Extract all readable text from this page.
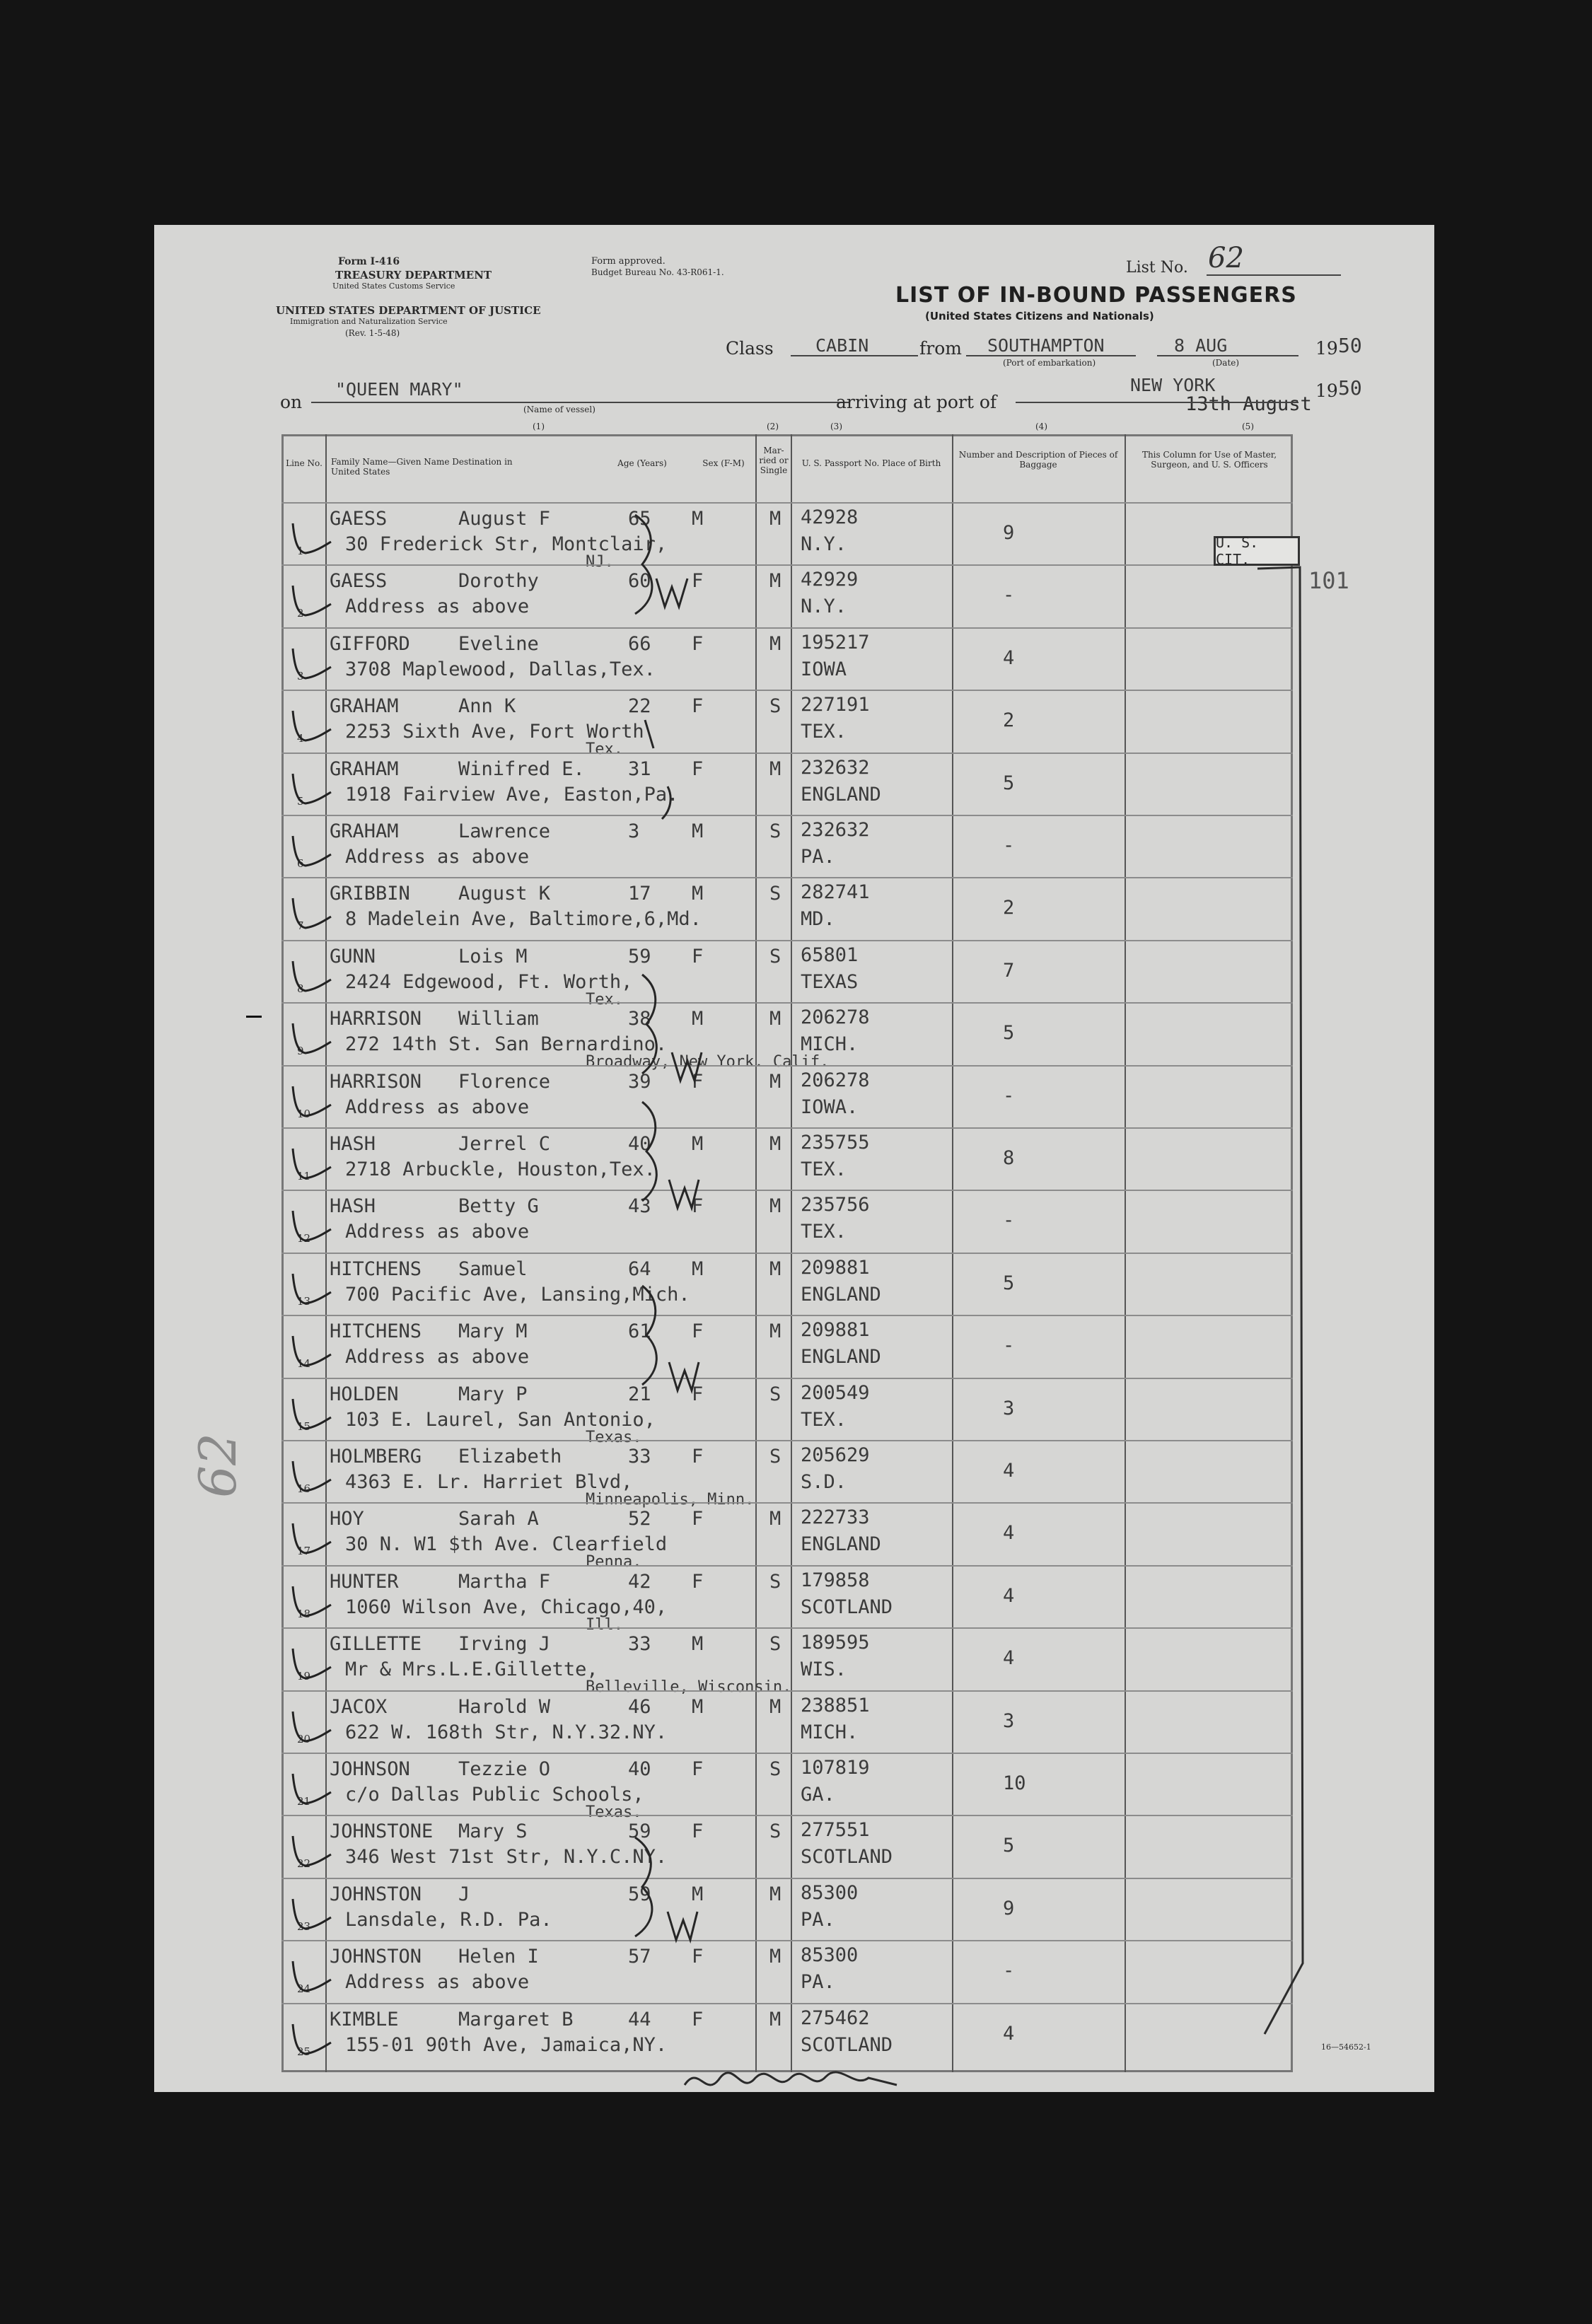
Form I-416
TREASURY DEPARTMENT
United States Customs Service
Form approved.
Budget Bureau No. 43-R061-1.
UNITED STATES DEPARTMENT OF JUSTICE
Immigration and Naturalization Service
(Rev. 1-5-48)
List No. 62
LIST OF IN-BOUND PASSENGERS
(United States Citizens and Nationals)
Class CABIN	from SOUTHAMPTON
(Port of embarkation)
8 AUG
(Date)
19 50
on
"QUEEN MARY"
(Name of vessel)	arriving at port of
NEW YORK
13th August
19 50
(1)	(2)	(3)	(4)	(5)
Line No. Family Name—Given Name Destination in United States
Age (Years)	Sex (F-M)
Mar-ried or Single
U. S. Passport No. Place of Birth
Number and Description of Pieces of Baggage
This Column for Use of Master, Surgeon, and U. S. Officers
1
GAESS	August F
30 Frederick Str, Montclair,
NJ.
65 M	M 42928
N.Y.
9
2
GAESS	Dorothy
Address as above
60 F	M 42929
N.Y.
-
3
GIFFORD	Eveline
3708 Maplewood, Dallas,Tex.
66 F	M 195217
IOWA
4
4
GRAHAM	Ann K
2253 Sixth Ave, Fort Worth
Tex.
22 F	S 227191
TEX.
2
5
GRAHAM	Winifred E.
1918 Fairview Ave, Easton,Pa.
31 F	M 232632
ENGLAND
5
6
GRAHAM	Lawrence
Address as above
3	M	S 232632
PA.
-
7
GRIBBIN	August K
8 Madelein Ave, Baltimore,6,Md.
17 M	S 282741
MD.
2
8
GUNN	Lois M
2424 Edgewood, Ft. Worth,
Tex.
59 F	S 65801
TEXAS
7
9
HARRISON William
272 14th St. San Bernardino.
Broadway, New York. Calif.
38 M	M 206278
MICH.
5
10
HARRISON Florence
Address as above
39 F	M 206278
IOWA.
-
11
HASH	Jerrel C
2718 Arbuckle, Houston,Tex.
40 M	M 235755
TEX.
8
12
HASH	Betty G
Address as above
43 F	M 235756
TEX.
-
13
HITCHENS Samuel
700 Pacific Ave, Lansing,Mich.
64 M	M 209881
ENGLAND
5
14
HITCHENS Mary M
Address as above
61 F	M 209881
ENGLAND
-
15
HOLDEN	Mary P
103 E. Laurel, San Antonio,
Texas.
21 F	S 200549
TEX.
3
16
HOLMBERG Elizabeth
4363 E. Lr. Harriet Blvd,
Minneapolis, Minn.
33 F	S 205629
S.D.
4
17
HOY	Sarah A
30 N. W1 $th Ave. Clearfield
Penna.
52 F	M 222733
ENGLAND
4
18
HUNTER	Martha F
1060 Wilson Ave, Chicago,40,
Ill.
42 F	S 179858
SCOTLAND
4
19
GILLETTE Irving J
Mr & Mrs.L.E.Gillette,
Belleville, Wisconsin.
33 M	S 189595
WIS.
4
20
JACOX	Harold W
622 W. 168th Str, N.Y.32.NY.
46 M	M 238851
MICH.
3
21
JOHNSON	Tezzie O
c/o Dallas Public Schools,
Texas.
40 F	S 107819
GA.
10
22
JOHNSTONE Mary S
346 West 71st Str, N.Y.C.NY.
59 F	S 277551
SCOTLAND
5
23
JOHNSTON J
Lansdale, R.D. Pa.
59 M	M 85300
PA.
9
24
JOHNSTON Helen I
Address as above
57 F	M 85300
PA.
-
25
KIMBLE	Margaret B
155-01 90th Ave, Jamaica,NY.
44 F	M 275462
SCOTLAND
4
U. S. CIT.
101
16—54652-1
62
